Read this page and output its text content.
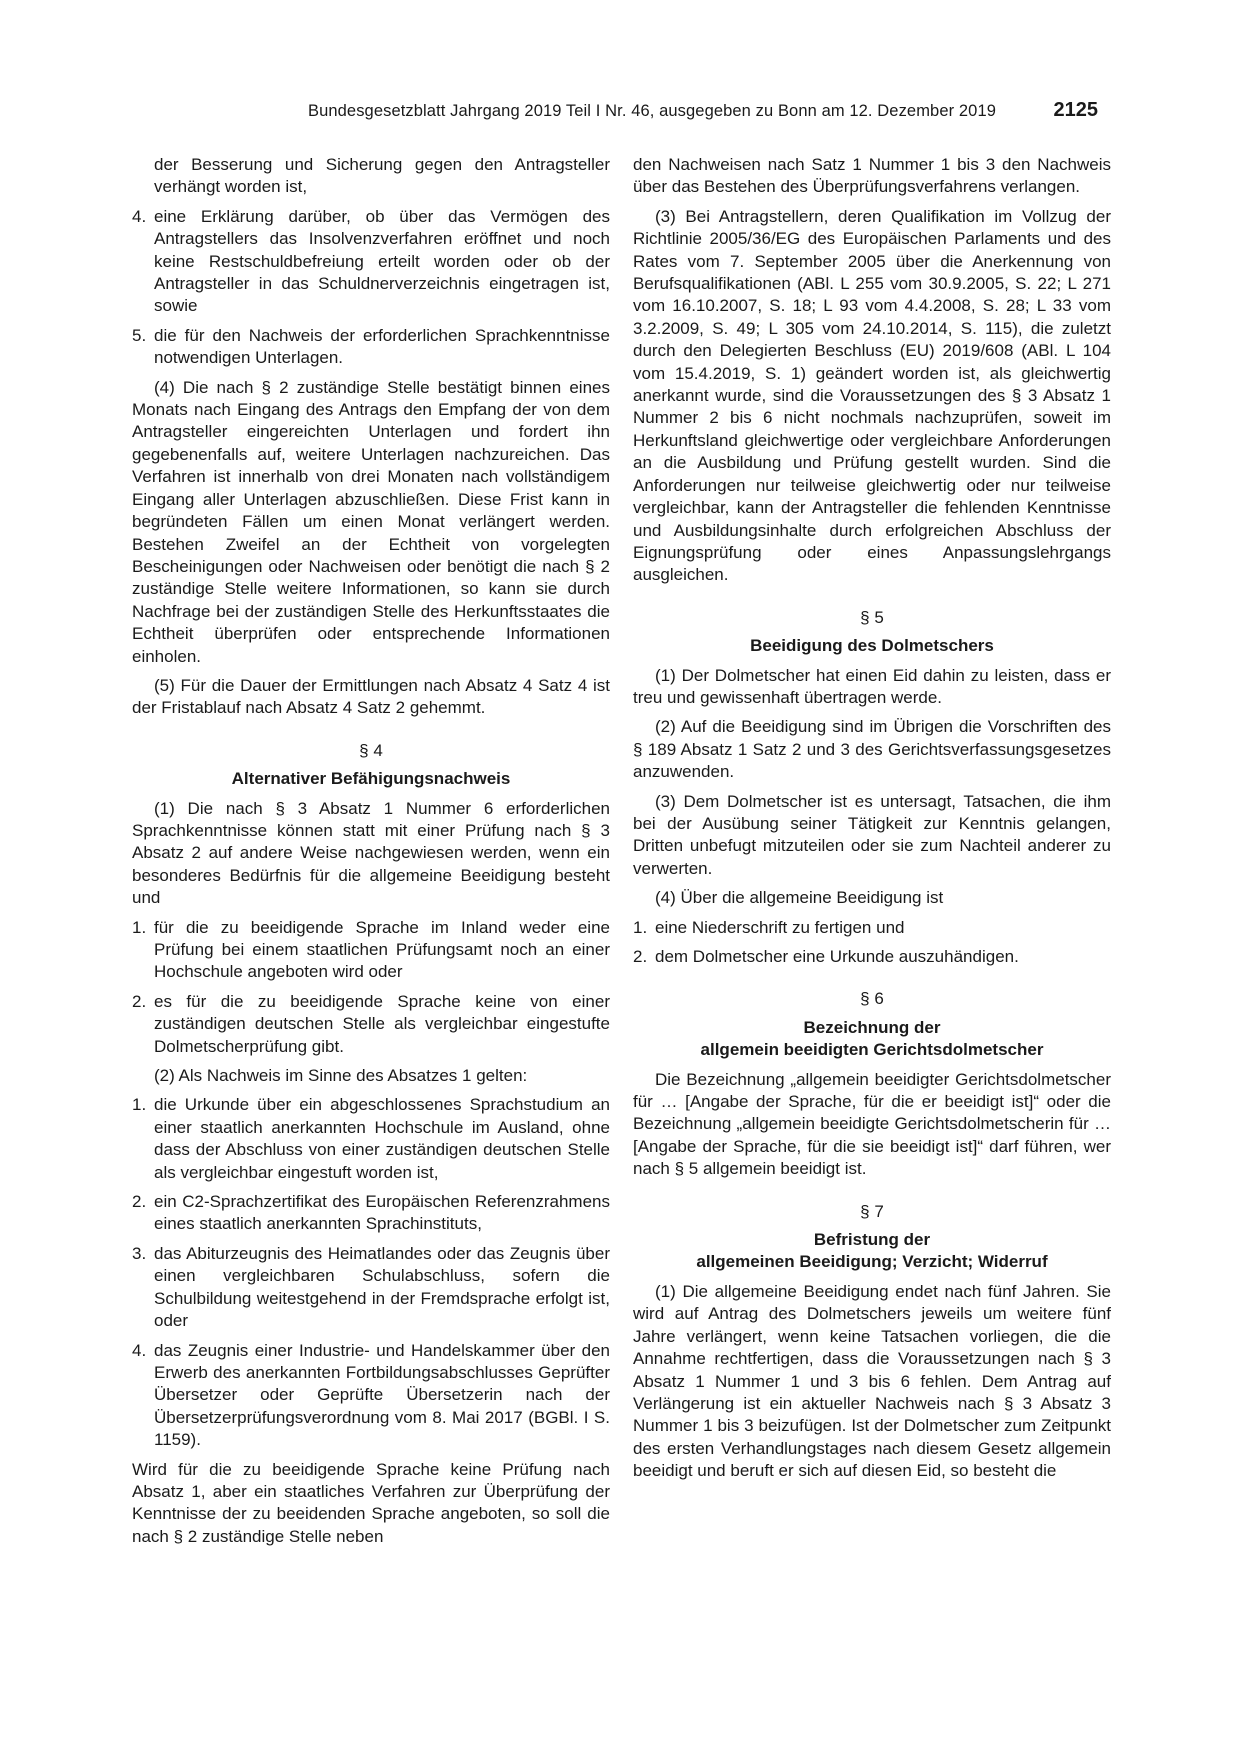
Bundesgesetzblatt Jahrgang 2019 Teil I Nr. 46, ausgegeben zu Bonn am 12. Dezember 2019	2125

der Besserung und Sicherung gegen den Antragsteller verhängt worden ist,

4. eine Erklärung darüber, ob über das Vermögen des Antragstellers das Insolvenzverfahren eröffnet und noch keine Restschuldbefreiung erteilt worden oder ob der Antragsteller in das Schuldnerverzeichnis eingetragen ist, sowie
5. die für den Nachweis der erforderlichen Sprachkenntnisse notwendigen Unterlagen.

(4) Die nach § 2 zuständige Stelle bestätigt binnen eines Monats nach Eingang des Antrags den Empfang der von dem Antragsteller eingereichten Unterlagen und fordert ihn gegebenenfalls auf, weitere Unterlagen nachzureichen. Das Verfahren ist innerhalb von drei Monaten nach vollständigem Eingang aller Unterlagen abzuschließen. Diese Frist kann in begründeten Fällen um einen Monat verlängert werden. Bestehen Zweifel an der Echtheit von vorgelegten Bescheinigungen oder Nachweisen oder benötigt die nach § 2 zuständige Stelle weitere Informationen, so kann sie durch Nachfrage bei der zuständigen Stelle des Herkunftsstaates die Echtheit überprüfen oder entsprechende Informationen einholen.

(5) Für die Dauer der Ermittlungen nach Absatz 4 Satz 4 ist der Fristablauf nach Absatz 4 Satz 2 gehemmt.

§ 4

Alternativer Befähigungsnachweis

(1) Die nach § 3 Absatz 1 Nummer 6 erforderlichen Sprachkenntnisse können statt mit einer Prüfung nach § 3 Absatz 2 auf andere Weise nachgewiesen werden, wenn ein besonderes Bedürfnis für die allgemeine Beeidigung besteht und

1. für die zu beeidigende Sprache im Inland weder eine Prüfung bei einem staatlichen Prüfungsamt noch an einer Hochschule angeboten wird oder
2. es für die zu beeidigende Sprache keine von einer zuständigen deutschen Stelle als vergleichbar eingestufte Dolmetscherprüfung gibt.

(2) Als Nachweis im Sinne des Absatzes 1 gelten:

1. die Urkunde über ein abgeschlossenes Sprachstudium an einer staatlich anerkannten Hochschule im Ausland, ohne dass der Abschluss von einer zuständigen deutschen Stelle als vergleichbar eingestuft worden ist,
2. ein C2-Sprachzertifikat des Europäischen Referenzrahmens eines staatlich anerkannten Sprachinstituts,
3. das Abiturzeugnis des Heimatlandes oder das Zeugnis über einen vergleichbaren Schulabschluss, sofern die Schulbildung weitestgehend in der Fremdsprache erfolgt ist, oder
4. das Zeugnis einer Industrie- und Handelskammer über den Erwerb des anerkannten Fortbildungsabschlusses Geprüfter Übersetzer oder Geprüfte Übersetzerin nach der Übersetzerprüfungsverordnung vom 8. Mai 2017 (BGBl. I S. 1159).

Wird für die zu beeidigende Sprache keine Prüfung nach Absatz 1, aber ein staatliches Verfahren zur Überprüfung der Kenntnisse der zu beeidenden Sprache angeboten, so soll die nach § 2 zuständige Stelle neben

den Nachweisen nach Satz 1 Nummer 1 bis 3 den Nachweis über das Bestehen des Überprüfungsverfahrens verlangen.

(3) Bei Antragstellern, deren Qualifikation im Vollzug der Richtlinie 2005/36/EG des Europäischen Parlaments und des Rates vom 7. September 2005 über die Anerkennung von Berufsqualifikationen (ABl. L 255 vom 30.9.2005, S. 22; L 271 vom 16.10.2007, S. 18; L 93 vom 4.4.2008, S. 28; L 33 vom 3.2.2009, S. 49; L 305 vom 24.10.2014, S. 115), die zuletzt durch den Delegierten Beschluss (EU) 2019/608 (ABl. L 104 vom 15.4.2019, S. 1) geändert worden ist, als gleichwertig anerkannt wurde, sind die Voraussetzungen des § 3 Absatz 1 Nummer 2 bis 6 nicht nochmals nachzuprüfen, soweit im Herkunftsland gleichwertige oder vergleichbare Anforderungen an die Ausbildung und Prüfung gestellt wurden. Sind die Anforderungen nur teilweise gleichwertig oder nur teilweise vergleichbar, kann der Antragsteller die fehlenden Kenntnisse und Ausbildungsinhalte durch erfolgreichen Abschluss der Eignungsprüfung oder eines Anpassungslehrgangs ausgleichen.

§ 5

Beeidigung des Dolmetschers

(1) Der Dolmetscher hat einen Eid dahin zu leisten, dass er treu und gewissenhaft übertragen werde.

(2) Auf die Beeidigung sind im Übrigen die Vorschriften des § 189 Absatz 1 Satz 2 und 3 des Gerichtsverfassungsgesetzes anzuwenden.

(3) Dem Dolmetscher ist es untersagt, Tatsachen, die ihm bei der Ausübung seiner Tätigkeit zur Kenntnis gelangen, Dritten unbefugt mitzuteilen oder sie zum Nachteil anderer zu verwerten.

(4) Über die allgemeine Beeidigung ist

1. eine Niederschrift zu fertigen und
2. dem Dolmetscher eine Urkunde auszuhändigen.

§ 6

Bezeichnung der
allgemein beeidigten Gerichtsdolmetscher

Die Bezeichnung „allgemein beeidigter Gerichtsdolmetscher für … [Angabe der Sprache, für die er beeidigt ist]“ oder die Bezeichnung „allgemein beeidigte Gerichtsdolmetscherin für … [Angabe der Sprache, für die sie beeidigt ist]“ darf führen, wer nach § 5 allgemein beeidigt ist.

§ 7

Befristung der
allgemeinen Beeidigung; Verzicht; Widerruf

(1) Die allgemeine Beeidigung endet nach fünf Jahren. Sie wird auf Antrag des Dolmetschers jeweils um weitere fünf Jahre verlängert, wenn keine Tatsachen vorliegen, die die Annahme rechtfertigen, dass die Voraussetzungen nach § 3 Absatz 1 Nummer 1 und 3 bis 6 fehlen. Dem Antrag auf Verlängerung ist ein aktueller Nachweis nach § 3 Absatz 3 Nummer 1 bis 3 beizufügen. Ist der Dolmetscher zum Zeitpunkt des ersten Verhandlungstages nach diesem Gesetz allgemein beeidigt und beruft er sich auf diesen Eid, so besteht die
